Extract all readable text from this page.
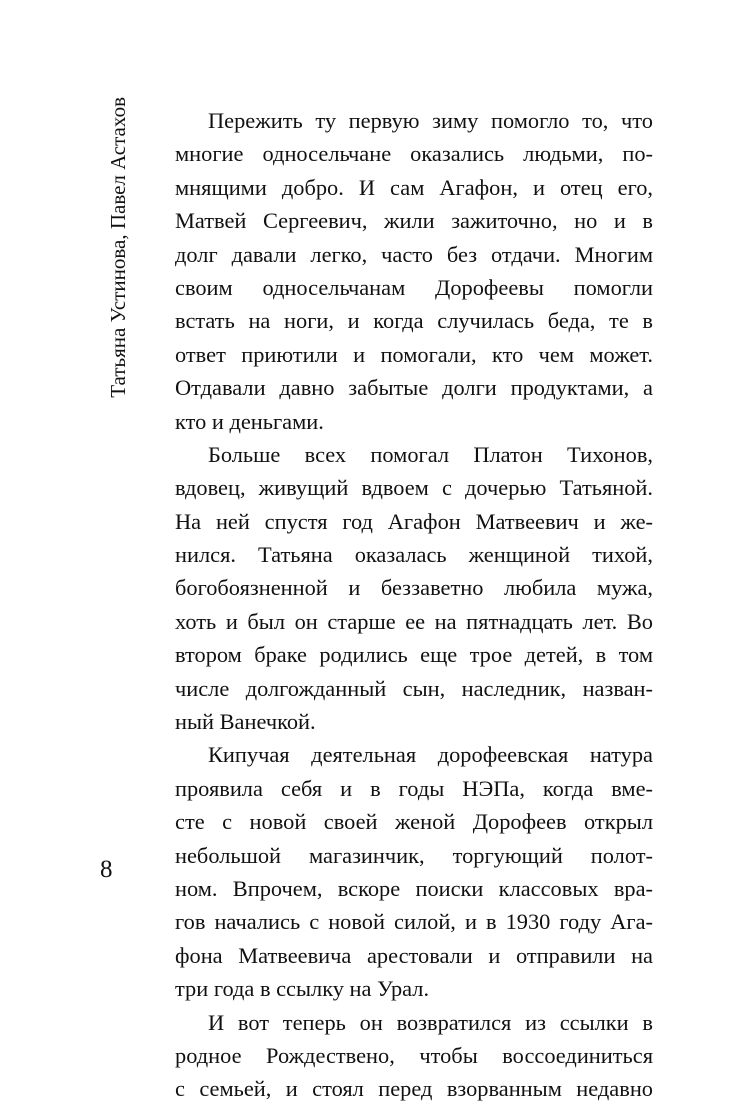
Татьяна Устинова, Павел Астахов
8
Пережить ту первую зиму помогло то, что
многие односельчане оказались людьми, по-
мнящими добро. И сам Агафон, и отец его,
Матвей Сергеевич, жили зажиточно, но и в
долг давали легко, часто без отдачи. Многим
своим односельчанам Дорофеевы помогли
встать на ноги, и когда случилась беда, те в
ответ приютили и помогали, кто чем может.
Отдавали давно забытые долги продуктами, а
кто и деньгами.
Больше всех помогал Платон Тихонов,
вдовец, живущий вдвоем с дочерью Татьяной.
На ней спустя год Агафон Матвеевич и же-
нился. Татьяна оказалась женщиной тихой,
богобоязненной и беззаветно любила мужа,
хоть и был он старше ее на пятнадцать лет. Во
втором браке родились еще трое детей, в том
числе долгожданный сын, наследник, назван-
ный Ванечкой.
Кипучая деятельная дорофеевская натура
проявила себя и в годы НЭПа, когда вме-
сте с новой своей женой Дорофеев открыл
небольшой магазинчик, торгующий полот-
ном. Впрочем, вскоре поиски классовых вра-
гов начались с новой силой, и в 1930 году Ага-
фона Матвеевича арестовали и отправили на
три года в ссылку на Урал.
И вот теперь он возвратился из ссылки в
родное Рождествено, чтобы воссоединиться
с семьей, и стоял перед взорванным недавно
